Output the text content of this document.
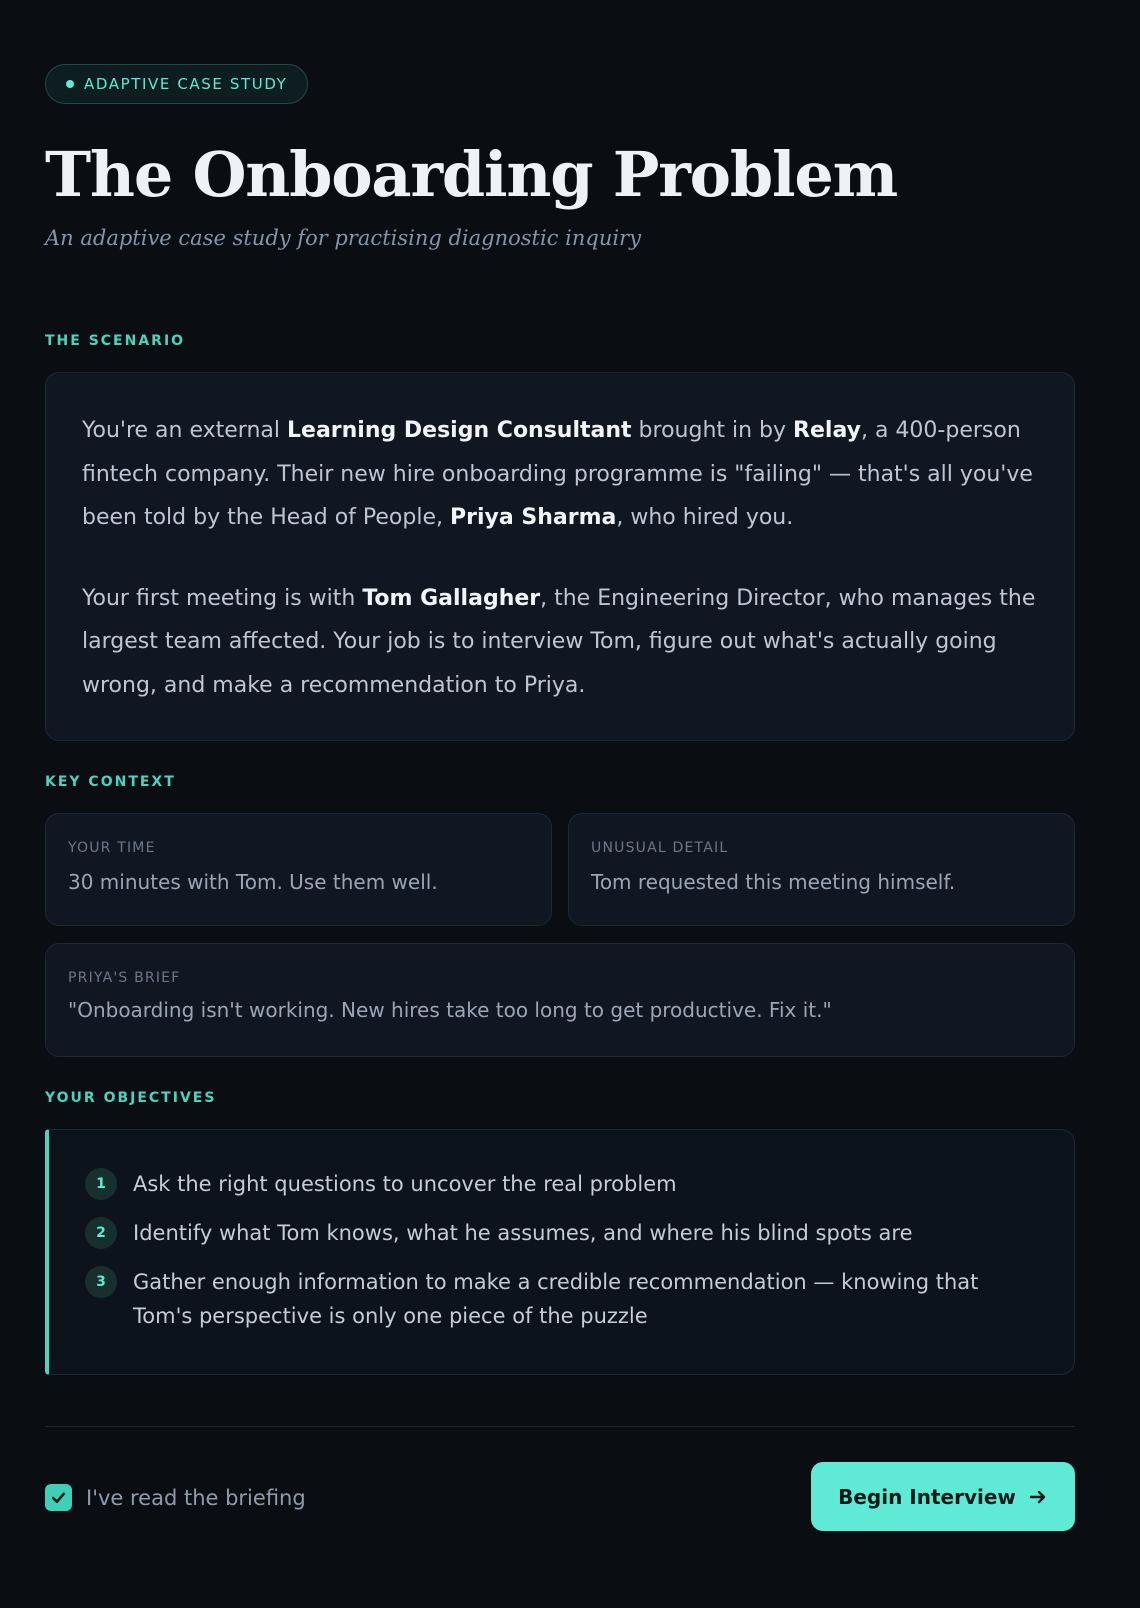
ADAPTIVE CASE STUDY
The Onboarding Problem
An adaptive case study for practising diagnostic inquiry
THE SCENARIO

You're an external Learning Design Consultant brought in by Relay, a 400-person fintech company. Their new hire onboarding programme is "failing" — that's all you've been told by the Head of People, Priya Sharma, who hired you.

Your first meeting is with Tom Gallagher, the Engineering Director, who manages the largest team affected. Your job is to interview Tom, figure out what's actually going wrong, and make a recommendation to Priya.

KEY CONTEXT
YOUR TIME
30 minutes with Tom. Use them well.
UNUSUAL DETAIL
Tom requested this meeting himself.
PRIYA'S BRIEF
"Onboarding isn't working. New hires take too long to get productive. Fix it."
YOUR OBJECTIVES
1	Ask the right questions to uncover the real problem
2	Identify what Tom knows, what he assumes, and where his blind spots are
3	Gather enough information to make a credible recommendation — knowing that Tom's perspective is only one piece of the puzzle
I've read the briefing	Begin Interview
